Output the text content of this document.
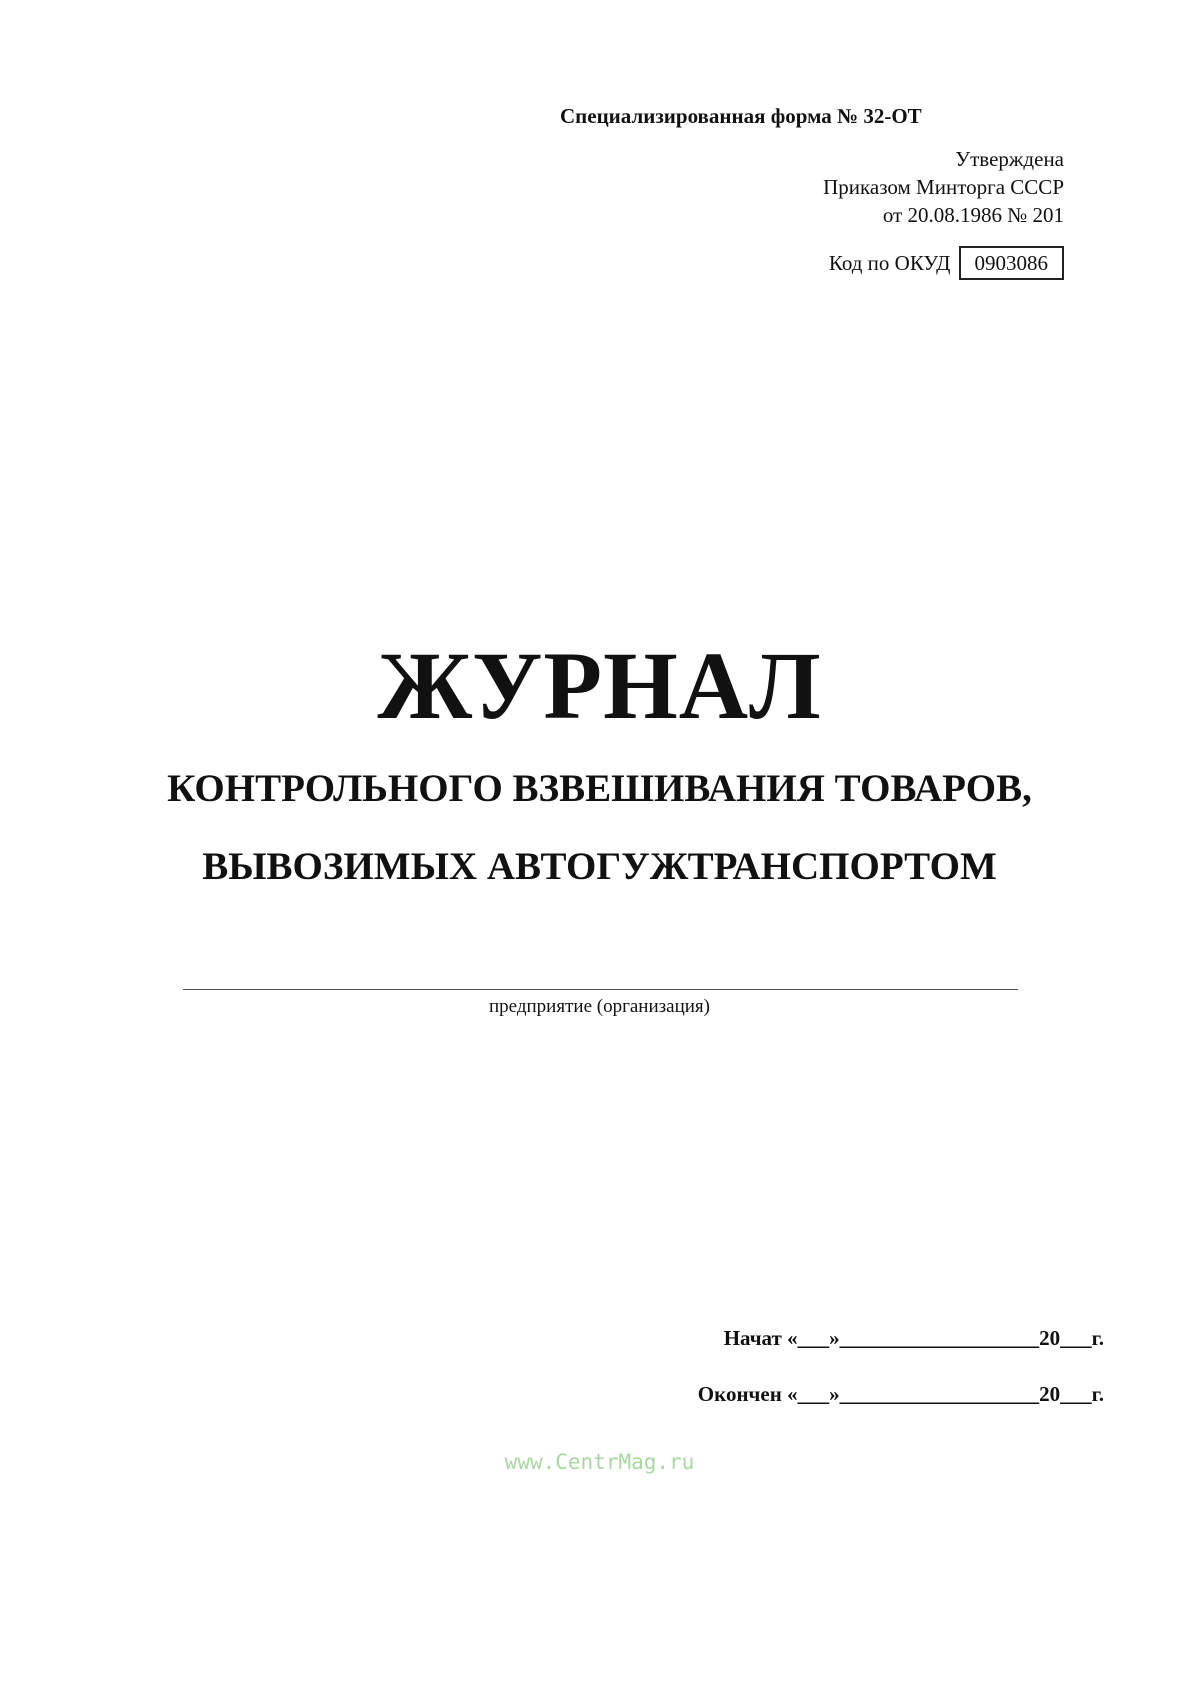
Специализированная форма № 32-ОТ
Утверждена
Приказом Минторга СССР
от 20.08.1986 № 201
Код по ОКУД	0903086
ЖУРНАЛ
КОНТРОЛЬНОГО ВЗВЕШИВАНИЯ ТОВАРОВ,
ВЫВОЗИМЫХ АВТОГУЖТРАНСПОРТОМ
предприятие (организация)
Начат «___»___________________20___г.
Окончен «___»___________________20___г.
www.CentrMag.ru
